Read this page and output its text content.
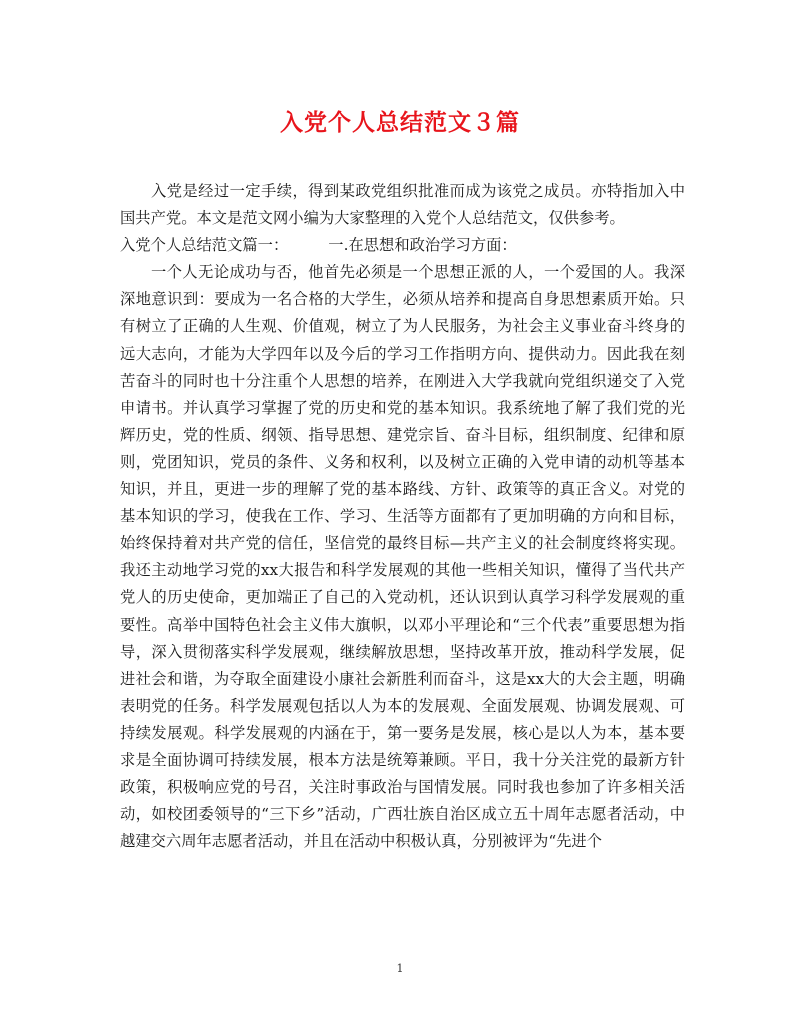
入党个人总结范文３篇

入党是经过一定手续，得到某政党组织批准而成为该党之成员。亦特指加入中国共产党。本文是范文网小编为大家整理的入党个人总结范文，仅供参考。

入党个人总结范文篇一：	一.在思想和政治学习方面：

一个人无论成功与否，他首先必须是一个思想正派的人，一个爱国的人。我深深地意识到：要成为一名合格的大学生，必须从培养和提高自身思想素质开始。只有树立了正确的人生观、价值观，树立了为人民服务，为社会主义事业奋斗终身的远大志向，才能为大学四年以及今后的学习工作指明方向、提供动力。因此我在刻苦奋斗的同时也十分注重个人思想的培养，在刚进入大学我就向党组织递交了入党申请书。并认真学习掌握了党的历史和党的基本知识。我系统地了解了我们党的光辉历史，党的性质、纲领、指导思想、建党宗旨、奋斗目标，组织制度、纪律和原则，党团知识，党员的条件、义务和权利，以及树立正确的入党申请的动机等基本知识，并且，更进一步的理解了党的基本路线、方针、政策等的真正含义。对党的基本知识的学习，使我在工作、学习、生活等方面都有了更加明确的方向和目标，始终保持着对共产党的信任，坚信党的最终目标—共产主义的社会制度终将实现。我还主动地学习党的xx大报告和科学发展观的其他一些相关知识，懂得了当代共产党人的历史使命，更加端正了自己的入党动机，还认识到认真学习科学发展观的重要性。高举中国特色社会主义伟大旗帜，以邓小平理论和“三个代表”重要思想为指导，深入贯彻落实科学发展观，继续解放思想，坚持改革开放，推动科学发展，促进社会和谐，为夺取全面建设小康社会新胜利而奋斗，这是xx大的大会主题，明确表明党的任务。科学发展观包括以人为本的发展观、全面发展观、协调发展观、可持续发展观。科学发展观的内涵在于，第一要务是发展，核心是以人为本，基本要求是全面协调可持续发展，根本方法是统筹兼顾。平日，我十分关注党的最新方针政策，积极响应党的号召，关注时事政治与国情发展。同时我也参加了许多相关活动，如校团委领导的“三下乡”活动，广西壮族自治区成立五十周年志愿者活动，中越建交六周年志愿者活动，并且在活动中积极认真，分别被评为“先进个

1
